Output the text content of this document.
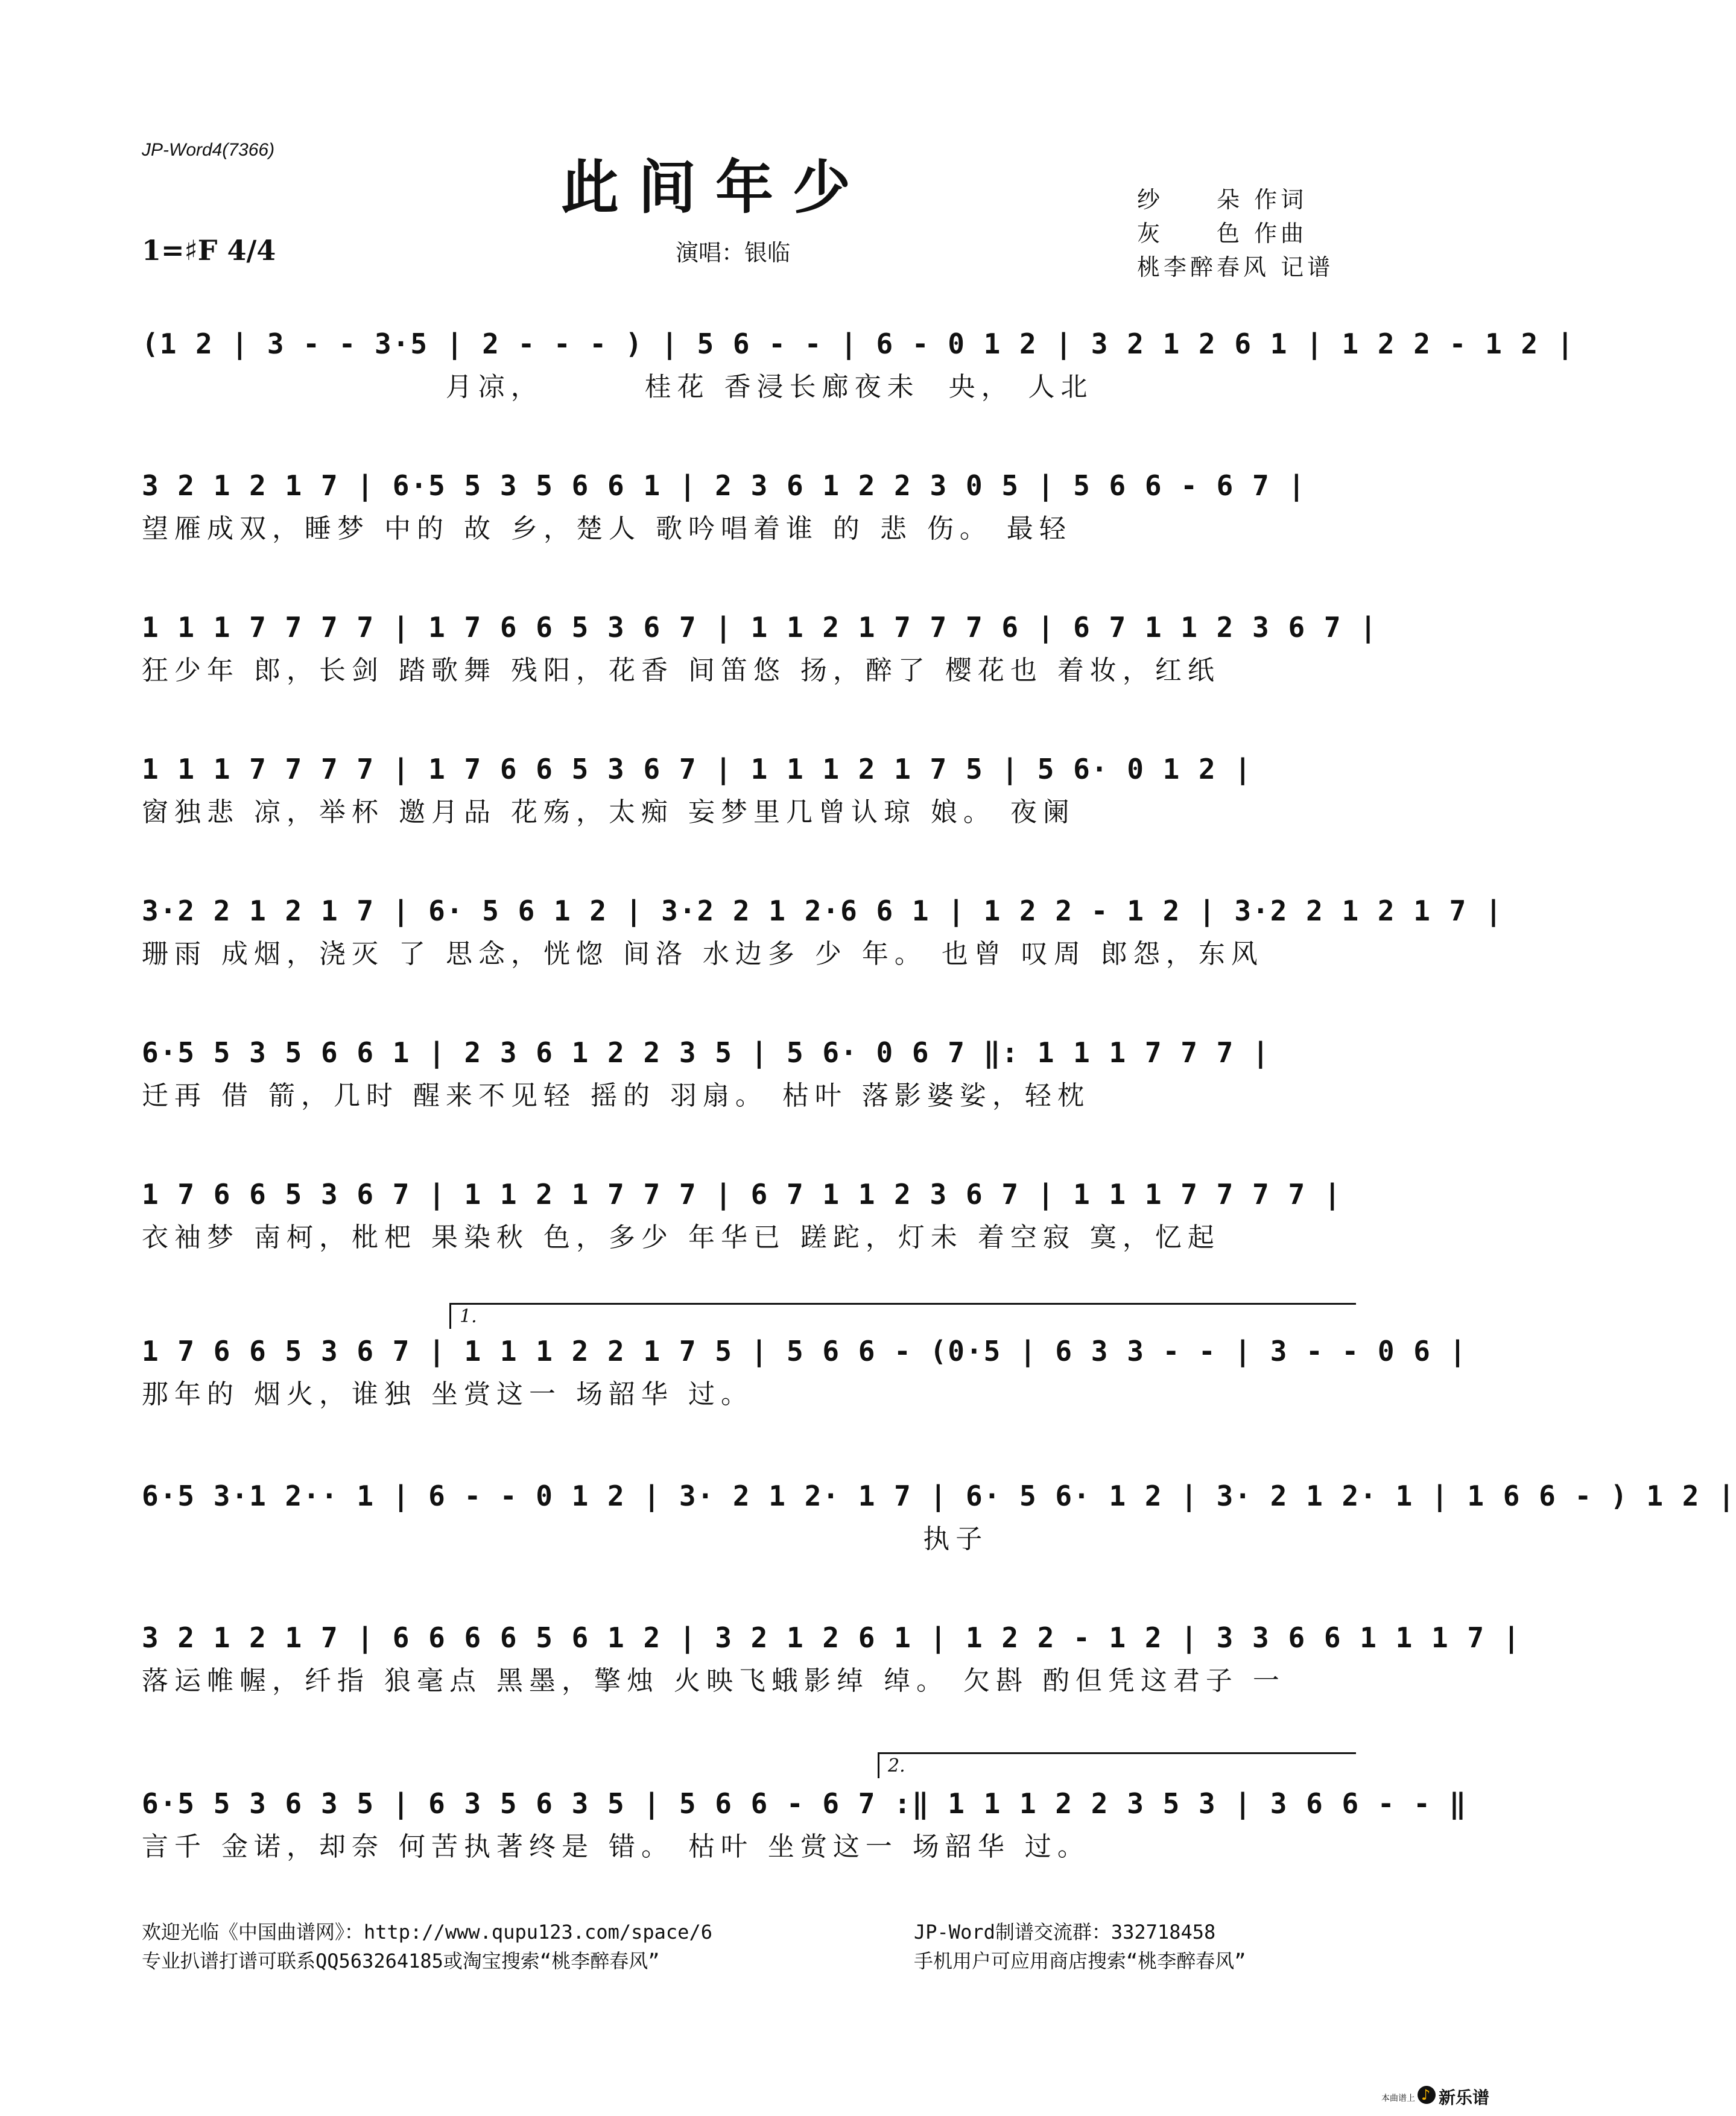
JP-Word4(7366)
此间年少
1=♯F 4/4	演唱：银临
纱　　朵 作词
灰　　色 作曲
桃李醉春风 记谱
(1 2 | 3 - - 3·5 | 2 - - - ) | 5 6 - - | 6 - 0 1 2 | 3 2 1 2 6 1 | 1 2 2 - 1 2 |
月凉，       桂花 香浸长廊夜未  央， 人北
3 2 1 2 1 7 | 6·5 5 3 5 6 6 1 | 2 3 6 1 2 2 3 0 5 | 5 6 6 - 6 7 |
望雁成双，睡梦 中的 故 乡，楚人 歌吟唱着谁 的 悲 伤。 最轻
1 1 1 7 7 7 7 | 1 7 6 6 5 3 6 7 | 1 1 2 1 7 7 7 6 | 6 7 1 1 2 3 6 7 |
狂少年 郎，长剑 踏歌舞 残阳，花香 间笛悠 扬，醉了 樱花也 着妆，红纸
1 1 1 7 7 7 7 | 1 7 6 6 5 3 6 7 | 1 1 1 2 1 7 5 | 5 6· 0 1 2 |
窗独悲 凉，举杯 邀月品 花殇，太痴 妄梦里几曾认琼 娘。 夜阑
3·2 2 1 2 1 7 | 6· 5 6 1 2 | 3·2 2 1 2·6 6 1 | 1 2 2 - 1 2 | 3·2 2 1 2 1 7 |
珊雨 成烟，浇灭 了 思念，恍惚 间洛 水边多 少 年。 也曾 叹周 郎怨，东风
6·5 5 3 5 6 6 1 | 2 3 6 1 2 2 3 5 | 5 6· 0 6 7 ‖: 1 1 1 7 7 7 |
迁再 借 箭，几时 醒来不见轻 摇的 羽扇。 枯叶 落影婆娑，轻枕
1 7 6 6 5 3 6 7 | 1 1 2 1 7 7 7 | 6 7 1 1 2 3 6 7 | 1 1 1 7 7 7 7 |
衣袖梦 南柯，枇杷 果染秋 色，多少 年华已 蹉跎，灯未 着空寂 寞，忆起
1.
1 7 6 6 5 3 6 7 | 1 1 1 2 2 1 7 5 | 5 6 6 - (0·5 | 6 3 3 - - | 3 - - 0 6 |
那年的 烟火，谁独 坐赏这一 场韶华 过。
6·5 3·1 2·· 1 | 6 - - 0 1 2 | 3· 2 1 2· 1 7 | 6· 5 6· 1 2 | 3· 2 1 2· 1 | 1 6 6 - ) 1 2 |
执子
3 2 1 2 1 7 | 6 6 6 6 5 6 1 2 | 3 2 1 2 6 1 | 1 2 2 - 1 2 | 3 3 6 6 1 1 1 7 |
落运帷幄，纤指 狼毫点 黑墨，擎烛 火映飞蛾影绰 绰。 欠斟 酌但凭这君子 一
2.
6·5 5 3 6 3 5 | 6 3 5 6 3 5 | 5 6 6 - 6 7 :‖ 1 1 1 2 2 3 5 3 | 3 6 6 - - ‖
言千 金诺，却奈 何苦执著终是 错。 枯叶 坐赏这一 场韶华 过。
欢迎光临《中国曲谱网》：http://www.qupu123.com/space/6
专业扒谱打谱可联系QQ563264185或淘宝搜索“桃李醉春风”
JP-Word制谱交流群：332718458
手机用户可应用商店搜索“桃李醉春风”
本曲谱上 ♪ 新乐谱
